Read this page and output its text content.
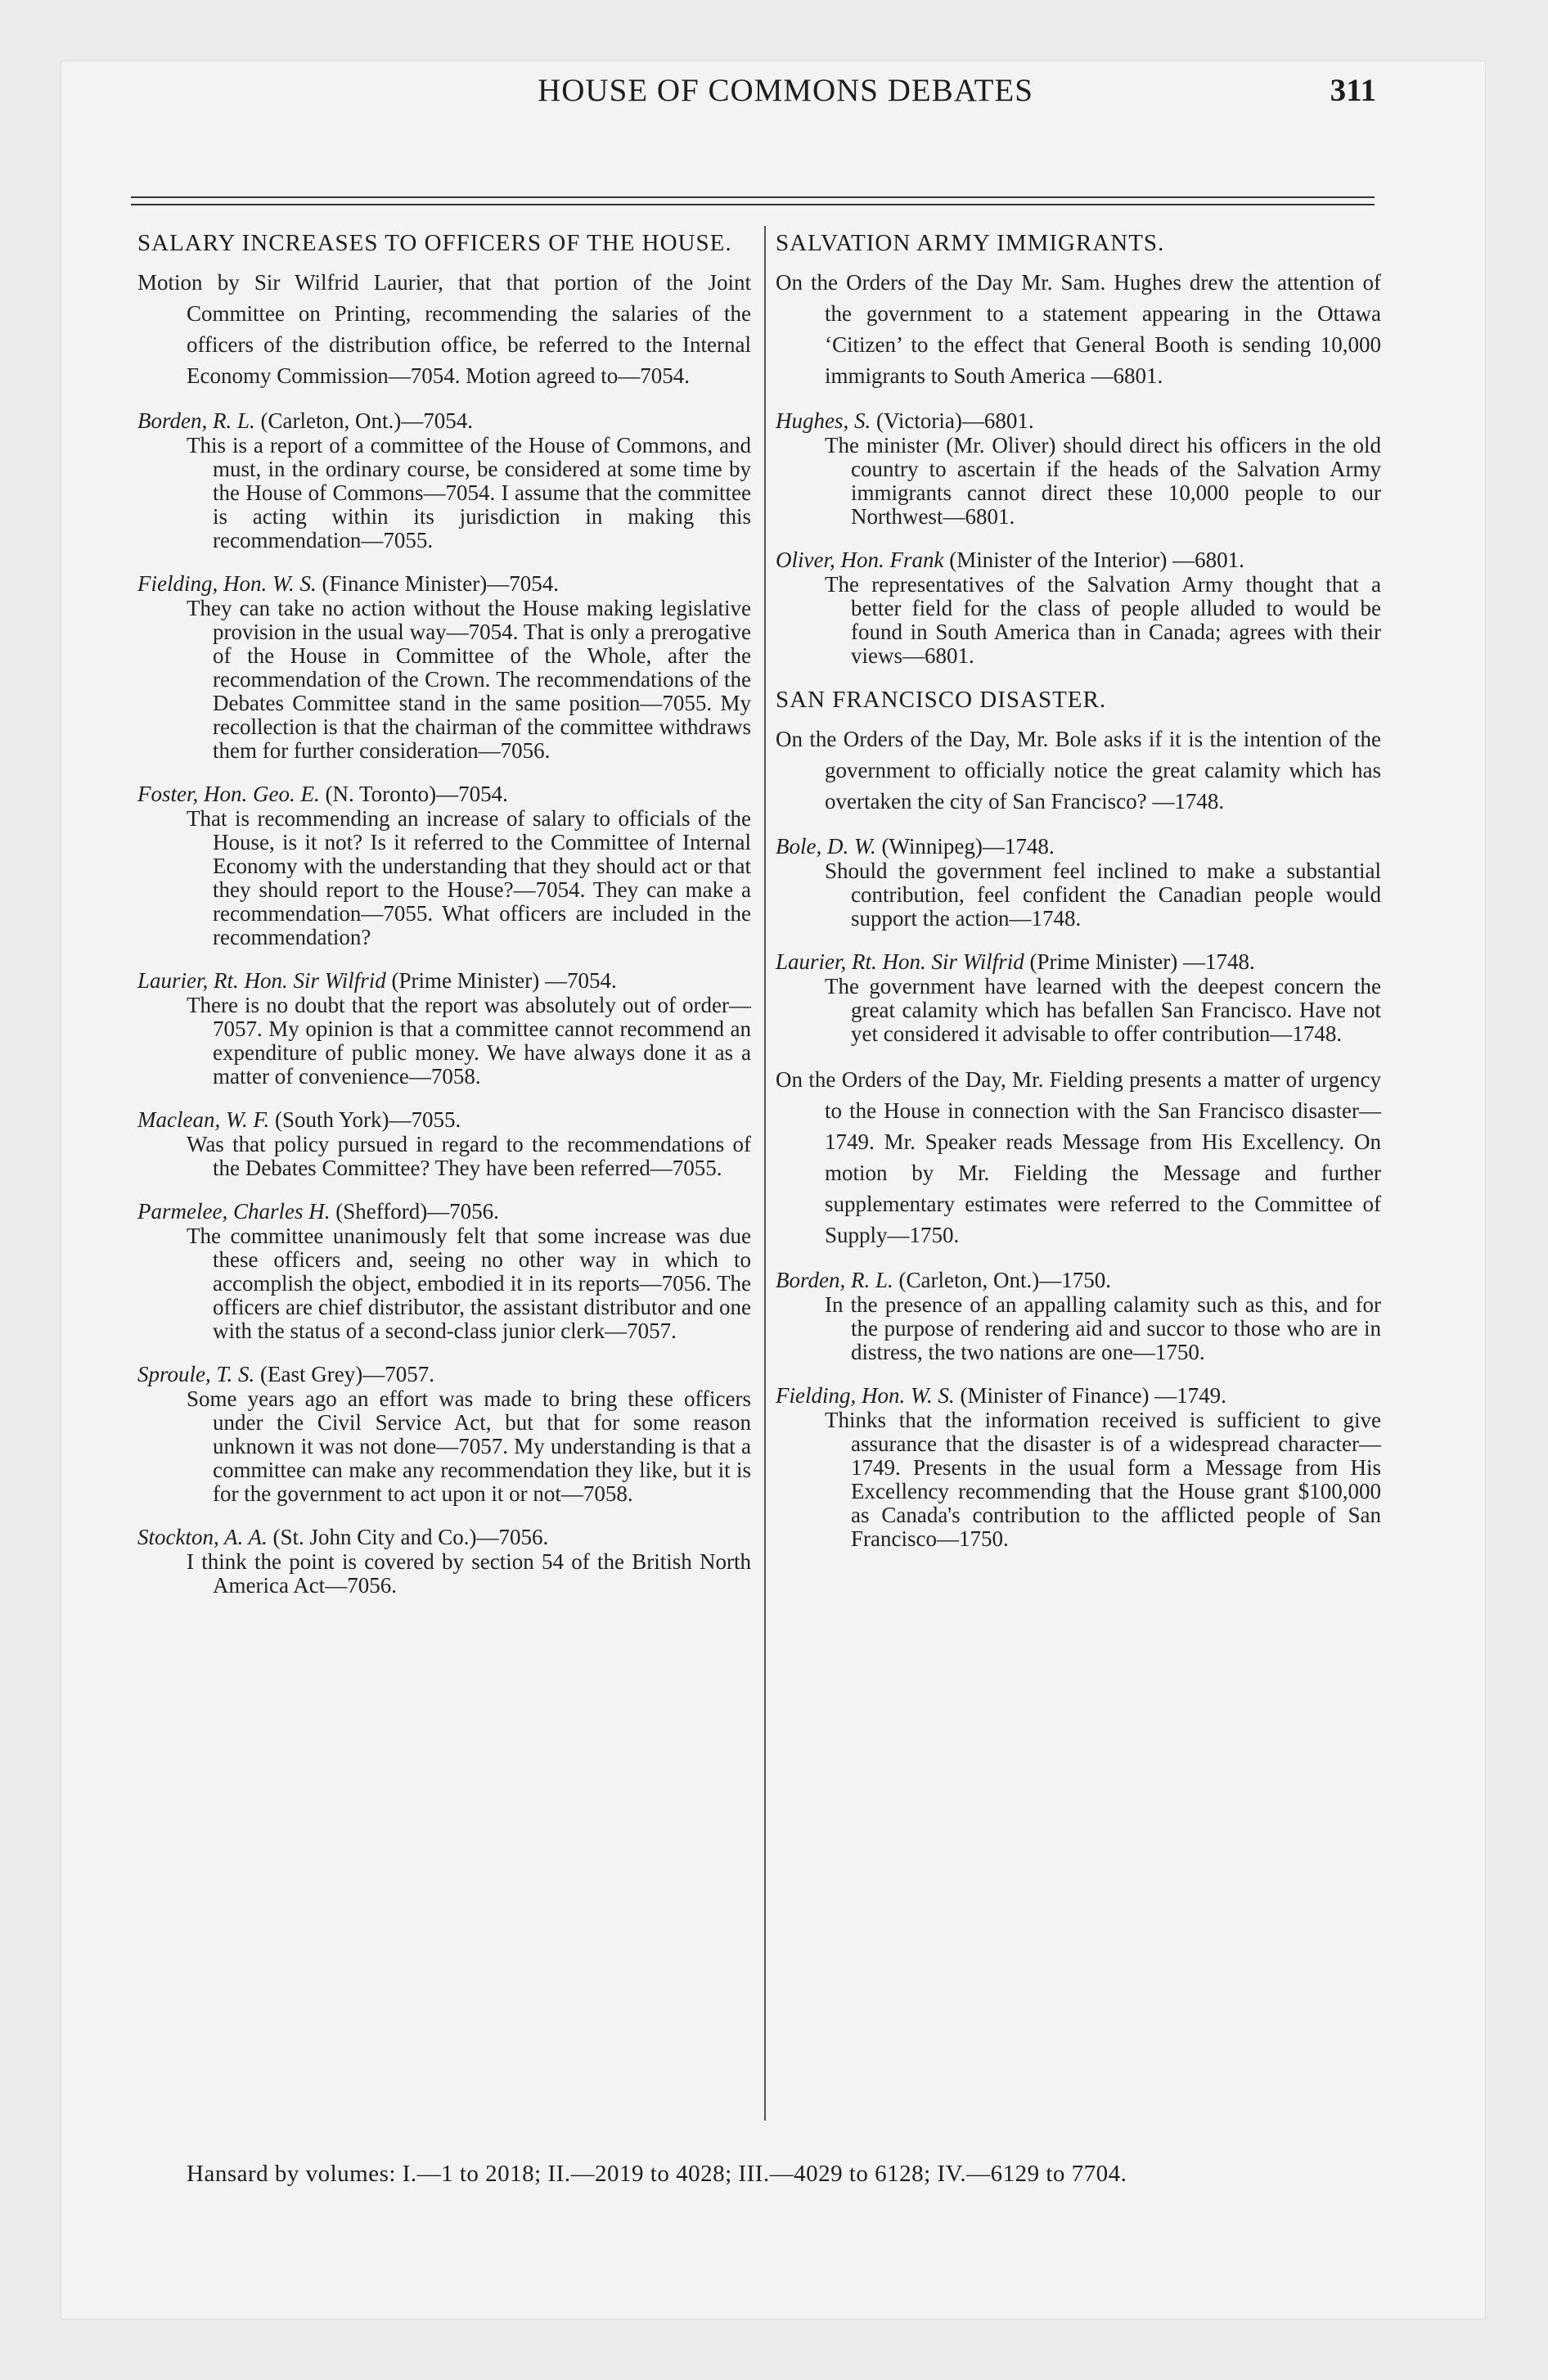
HOUSE OF COMMONS DEBATES	311

SALARY INCREASES TO OFFICERS OF THE HOUSE.

Motion by Sir Wilfrid Laurier, that that portion of the Joint Committee on Printing, recommending the salaries of the officers of the distribution office, be referred to the Internal Economy Commission—7054. Motion agreed to—7054.

Borden, R. L. (Carleton, Ont.)—7054.

This is a report of a committee of the House of Commons, and must, in the ordinary course, be considered at some time by the House of Commons—7054. I assume that the committee is acting within its jurisdiction in making this recommendation—7055.

Fielding, Hon. W. S. (Finance Minister)—7054.

They can take no action without the House making legislative provision in the usual way—7054. That is only a prerogative of the House in Committee of the Whole, after the recommendation of the Crown. The recommendations of the Debates Committee stand in the same position—7055. My recollection is that the chairman of the committee withdraws them for further consideration—7056.

Foster, Hon. Geo. E. (N. Toronto)—7054.

That is recommending an increase of salary to officials of the House, is it not? Is it referred to the Committee of Internal Economy with the understanding that they should act or that they should report to the House?—7054. They can make a recommendation—7055. What officers are included in the recommendation?

Laurier, Rt. Hon. Sir Wilfrid (Prime Minister) —7054.

There is no doubt that the report was absolutely out of order—7057. My opinion is that a committee cannot recommend an expenditure of public money. We have always done it as a matter of convenience—7058.

Maclean, W. F. (South York)—7055.

Was that policy pursued in regard to the recommendations of the Debates Committee? They have been referred—7055.

Parmelee, Charles H. (Shefford)—7056.

The committee unanimously felt that some increase was due these officers and, seeing no other way in which to accomplish the object, embodied it in its reports—7056. The officers are chief distributor, the assistant distributor and one with the status of a second-class junior clerk—7057.

Sproule, T. S. (East Grey)—7057.

Some years ago an effort was made to bring these officers under the Civil Service Act, but that for some reason unknown it was not done—7057. My understanding is that a committee can make any recommendation they like, but it is for the government to act upon it or not—7058.

Stockton, A. A. (St. John City and Co.)—7056.

I think the point is covered by section 54 of the British North America Act—7056.

SALVATION ARMY IMMIGRANTS.

On the Orders of the Day Mr. Sam. Hughes drew the attention of the government to a statement appearing in the Ottawa ‘Citizen’ to the effect that General Booth is sending 10,000 immigrants to South America —6801.

Hughes, S. (Victoria)—6801.

The minister (Mr. Oliver) should direct his officers in the old country to ascertain if the heads of the Salvation Army immigrants cannot direct these 10,000 people to our Northwest—6801.

Oliver, Hon. Frank (Minister of the Interior) —6801.

The representatives of the Salvation Army thought that a better field for the class of people alluded to would be found in South America than in Canada; agrees with their views—6801.

SAN FRANCISCO DISASTER.

On the Orders of the Day, Mr. Bole asks if it is the intention of the government to officially notice the great calamity which has overtaken the city of San Francisco? —1748.

Bole, D. W. (Winnipeg)—1748.

Should the government feel inclined to make a substantial contribution, feel confident the Canadian people would support the action—1748.

Laurier, Rt. Hon. Sir Wilfrid (Prime Minister) —1748.

The government have learned with the deepest concern the great calamity which has befallen San Francisco. Have not yet considered it advisable to offer contribution—1748.

On the Orders of the Day, Mr. Fielding presents a matter of urgency to the House in connection with the San Francisco disaster—1749. Mr. Speaker reads Message from His Excellency. On motion by Mr. Fielding the Message and further supplementary estimates were referred to the Committee of Supply—1750.

Borden, R. L. (Carleton, Ont.)—1750.

In the presence of an appalling calamity such as this, and for the purpose of rendering aid and succor to those who are in distress, the two nations are one—1750.

Fielding, Hon. W. S. (Minister of Finance) —1749.

Thinks that the information received is sufficient to give assurance that the disaster is of a widespread character—1749. Presents in the usual form a Message from His Excellency recommending that the House grant $100,000 as Canada's contribution to the afflicted people of San Francisco—1750.

Hansard by volumes: I.—1 to 2018; II.—2019 to 4028; III.—4029 to 6128; IV.—6129 to 7704.
